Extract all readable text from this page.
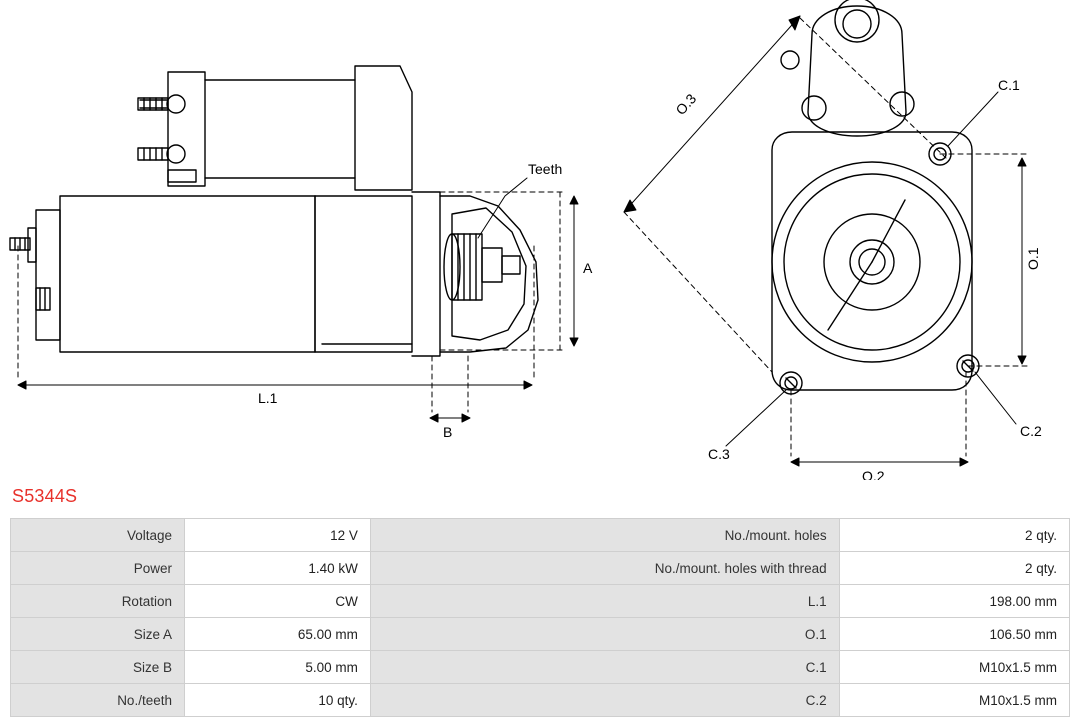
Teeth
A
L.1
B
O.3
O.1
O.2
C.1
C.2
C.3
S5344S
Voltage	12 V	No./mount. holes	2 qty.
Power	1.40 kW	No./mount. holes with thread	2 qty.
Rotation	CW	L.1	198.00 mm
Size A	65.00 mm	O.1	106.50 mm
Size B	5.00 mm	C.1	M10x1.5 mm
No./teeth	10 qty.	C.2	M10x1.5 mm
